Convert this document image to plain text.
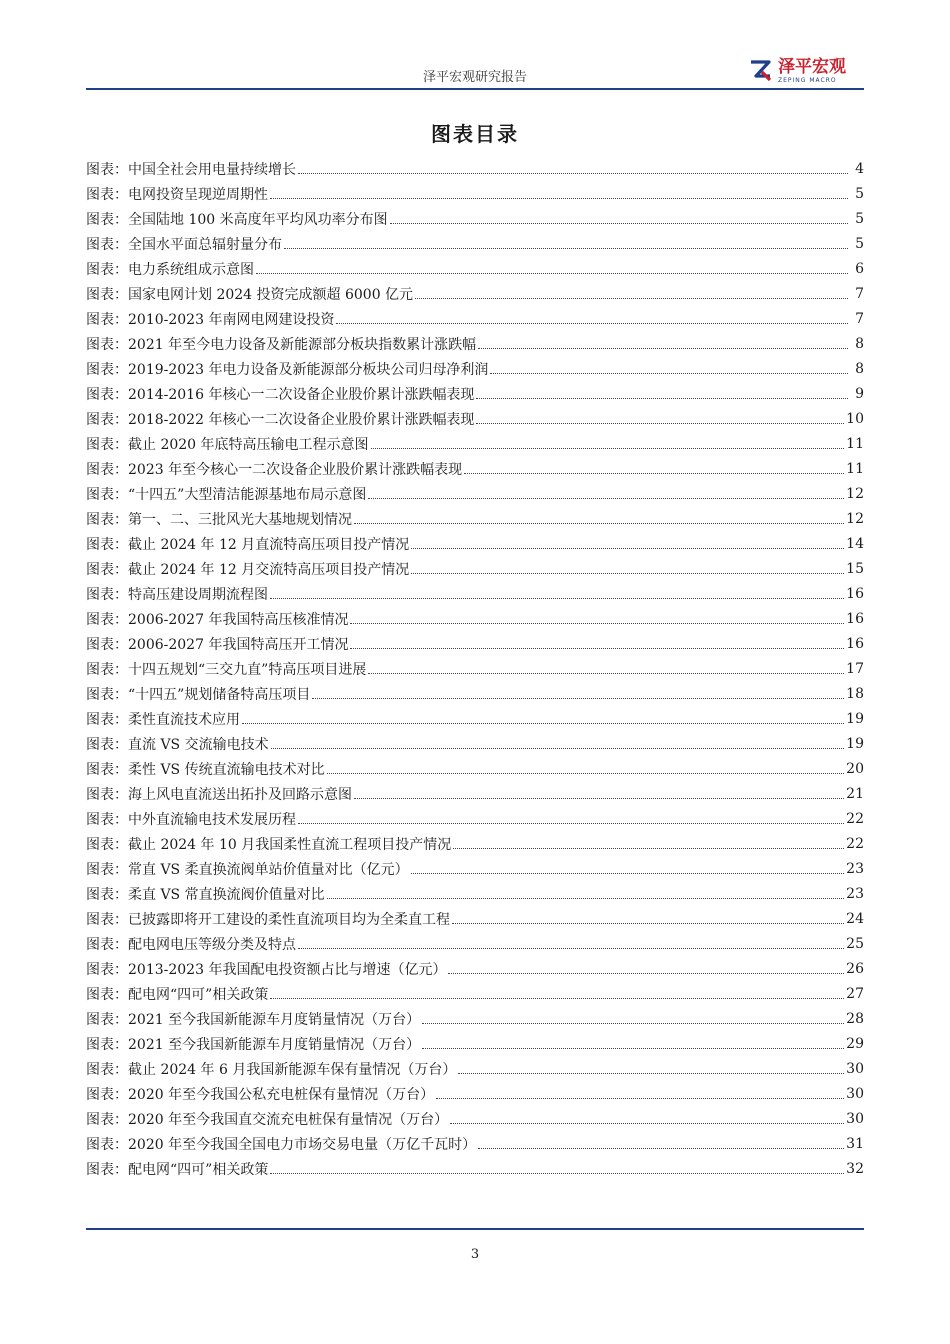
泽平宏观研究报告
泽平宏观
ZEPING MACRO
图表目录
图表： 中国全社会用电量持续增长	4
图表： 电网投资呈现逆周期性	5
图表： 全国陆地 100 米高度年平均风功率分布图	5
图表： 全国水平面总辐射量分布	5
图表： 电力系统组成示意图	6
图表： 国家电网计划 2024 投资完成额超 6000 亿元	7
图表： 2010-2023 年南网电网建设投资	7
图表： 2021 年至今电力设备及新能源部分板块指数累计涨跌幅	8
图表： 2019-2023 年电力设备及新能源部分板块公司归母净利润	8
图表： 2014-2016 年核心一二次设备企业股价累计涨跌幅表现	9
图表： 2018-2022 年核心一二次设备企业股价累计涨跌幅表现	10
图表： 截止 2020 年底特高压输电工程示意图	11
图表： 2023 年至今核心一二次设备企业股价累计涨跌幅表现	11
图表： “十四五”大型清洁能源基地布局示意图	12
图表： 第一、二、三批风光大基地规划情况	12
图表： 截止 2024 年 12 月直流特高压项目投产情况	14
图表： 截止 2024 年 12 月交流特高压项目投产情况	15
图表： 特高压建设周期流程图	16
图表： 2006-2027 年我国特高压核准情况	16
图表： 2006-2027 年我国特高压开工情况	16
图表： 十四五规划“三交九直”特高压项目进展	17
图表： “十四五”规划储备特高压项目	18
图表： 柔性直流技术应用	19
图表： 直流 VS 交流输电技术	19
图表： 柔性 VS 传统直流输电技术对比	20
图表： 海上风电直流送出拓扑及回路示意图	21
图表： 中外直流输电技术发展历程	22
图表： 截止 2024 年 10 月我国柔性直流工程项目投产情况	22
图表： 常直 VS 柔直换流阀单站价值量对比（亿元）	23
图表： 柔直 VS 常直换流阀价值量对比	23
图表： 已披露即将开工建设的柔性直流项目均为全柔直工程	24
图表： 配电网电压等级分类及特点	25
图表： 2013-2023 年我国配电投资额占比与增速（亿元）	26
图表： 配电网“四可”相关政策	27
图表： 2021 至今我国新能源车月度销量情况（万台）	28
图表： 2021 至今我国新能源车月度销量情况（万台）	29
图表： 截止 2024 年 6 月我国新能源车保有量情况（万台）	30
图表： 2020 年至今我国公私充电桩保有量情况（万台）	30
图表： 2020 年至今我国直交流充电桩保有量情况（万台）	30
图表： 2020 年至今我国全国电力市场交易电量（万亿千瓦时）	31
图表： 配电网“四可”相关政策	32
3
